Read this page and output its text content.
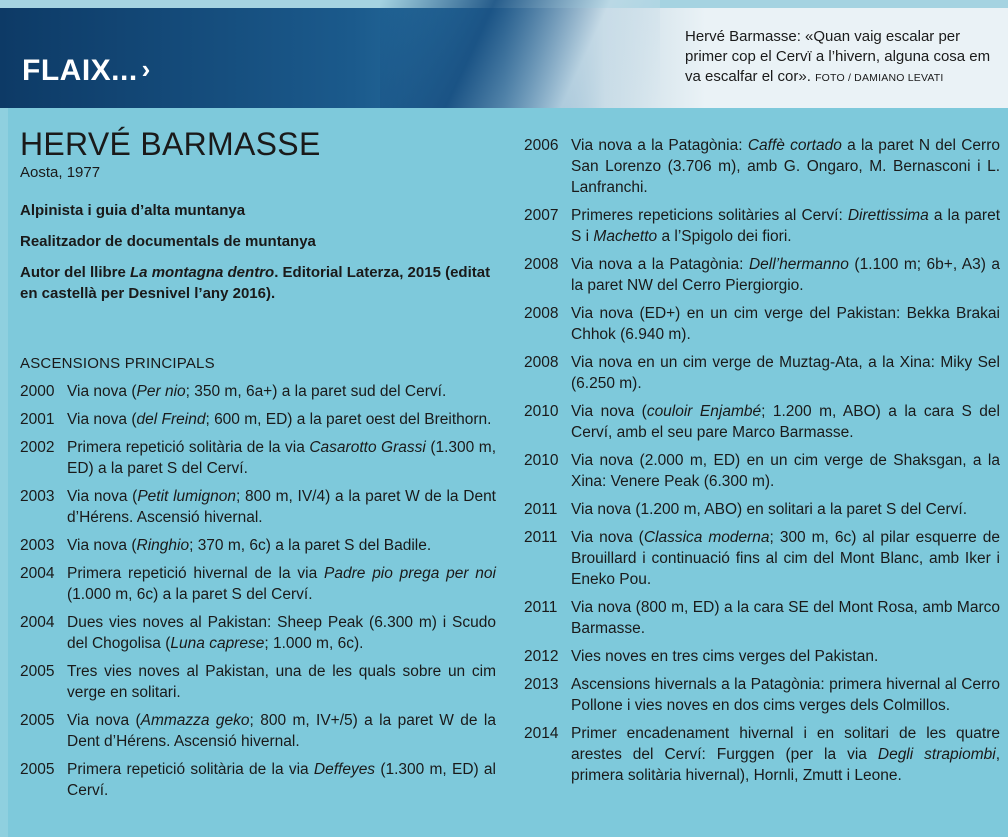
FLAIX... ›
Hervé Barmasse: «Quan vaig escalar per primer cop el Cervï a l’hivern, alguna cosa em va escalfar el cor». FOTO / DAMIANO LEVATI
HERVÉ BARMASSE
Aosta, 1977
Alpinista i guia d’alta muntanya
Realitzador de documentals de muntanya
Autor del llibre La montagna dentro. Editorial Laterza, 2015 (editat en castellà per Desnivel l’any 2016).
ASCENSIONS PRINCIPALS
2000 Via nova (Per nio; 350 m, 6a+) a la paret sud del Cerví.
2001 Via nova (del Freind; 600 m, ED) a la paret oest del Breithorn.
2002 Primera repetició solitària de la via Casarotto Grassi (1.300 m, ED) a la paret S del Cerví.
2003 Via nova (Petit lumignon; 800 m, IV/4) a la paret W de la Dent d’Hérens. Ascensió hivernal.
2003 Via nova (Ringhio; 370 m, 6c) a la paret S del Badile.
2004 Primera repetició hivernal de la via Padre pio prega per noi (1.000 m, 6c) a la paret S del Cerví.
2004 Dues vies noves al Pakistan: Sheep Peak (6.300 m) i Scudo del Chogolisa (Luna caprese; 1.000 m, 6c).
2005 Tres vies noves al Pakistan, una de les quals sobre un cim verge en solitari.
2005 Via nova (Ammazza geko; 800 m, IV+/5) a la paret W de la Dent d’Hérens. Ascensió hivernal.
2005 Primera repetició solitària de la via Deffeyes (1.300 m, ED) al Cerví.
2006 Via nova a la Patagònia: Caffè cortado a la paret N del Cerro San Lorenzo (3.706 m), amb G. Ongaro, M. Bernasconi i L. Lanfranchi.
2007 Primeres repeticions solitàries al Cerví: Direttissima a la paret S i Machetto a l’Spigolo dei fiori.
2008 Via nova a la Patagònia: Dell’hermanno (1.100 m; 6b+, A3) a la paret NW del Cerro Piergiorgio.
2008 Via nova (ED+) en un cim verge del Pakistan: Bekka Brakai Chhok (6.940 m).
2008 Via nova en un cim verge de Muztag-Ata, a la Xina: Miky Sel (6.250 m).
2010 Via nova (couloir Enjambé; 1.200 m, ABO) a la cara S del Cerví, amb el seu pare Marco Barmasse.
2010 Via nova (2.000 m, ED) en un cim verge de Shaksgan, a la Xina: Venere Peak (6.300 m).
2011 Via nova (1.200 m, ABO) en solitari a la paret S del Cerví.
2011 Via nova (Classica moderna; 300 m, 6c) al pilar esquerre de Brouillard i continuació fins al cim del Mont Blanc, amb Iker i Eneko Pou.
2011 Via nova (800 m, ED) a la cara SE del Mont Rosa, amb Marco Barmasse.
2012 Vies noves en tres cims verges del Pakistan.
2013 Ascensions hivernals a la Patagònia: primera hivernal al Cerro Pollone i vies noves en dos cims verges dels Colmillos.
2014 Primer encadenament hivernal i en solitari de les quatre arestes del Cerví: Furggen (per la via Degli strapiombi, primera solitària hivernal), Hornli, Zmutt i Leone.
